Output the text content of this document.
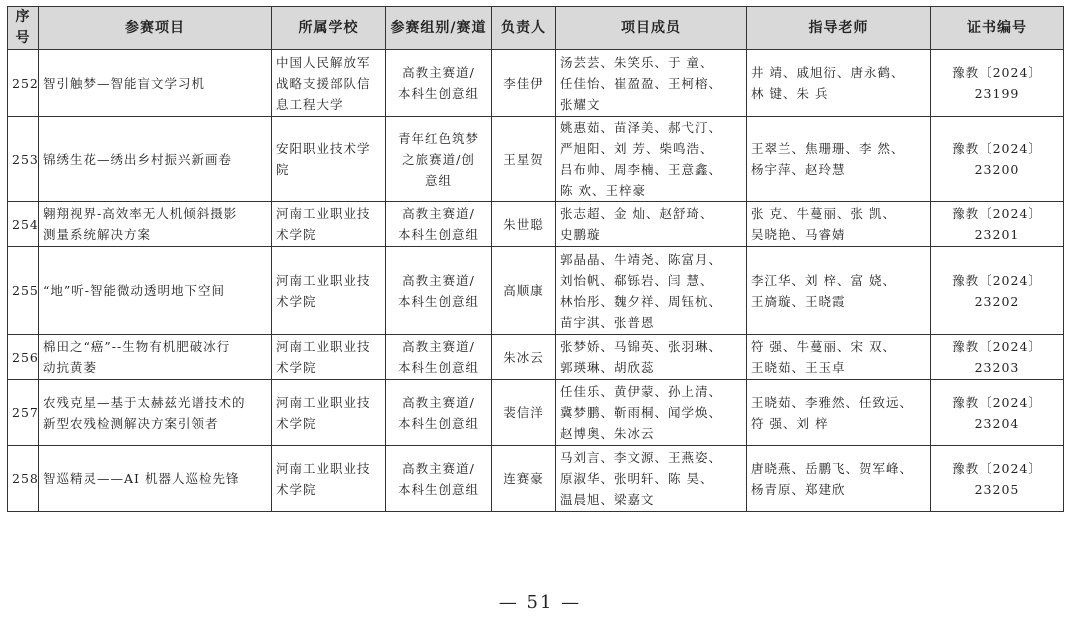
序号	参赛项目	所属学校	参赛组别/赛道	负责人	项目成员	指导老师	证书编号
252	智引触梦—智能盲文学习机	中国人民解放军
战略支援部队信
息工程大学	高教主赛道/
本科生创意组	李佳伊	汤芸芸、朱笑乐、于 童、
任佳怡、崔盈盈、王柯榕、
张耀文	井 靖、戚旭衍、唐永鹤、
林 键、朱 兵	豫教〔2024〕23199
253	锦绣生花—绣出乡村振兴新画卷	安阳职业技术学
院	青年红色筑梦
之旅赛道/创
意组	王星贺	姚惠茹、苗泽美、郝弋汀、
严旭阳、刘 芳、柴鸣浩、
吕布帅、周李楠、王意鑫、
陈 欢、王梓豪	王翠兰、焦珊珊、李 然、
杨宇萍、赵玲慧	豫教〔2024〕23200
254	翱翔视界-高效率无人机倾斜摄影
测量系统解决方案	河南工业职业技
术学院	高教主赛道/
本科生创意组	朱世聪	张志超、金 灿、赵舒琦、
史鹏璇	张 克、牛蔓丽、张 凯、
吴晓艳、马睿婧	豫教〔2024〕23201
255	“地”听-智能微动透明地下空间	河南工业职业技
术学院	高教主赛道/
本科生创意组	高顺康	郭晶晶、牛靖尧、陈富月、
刘怡帆、郗铄岩、闫 慧、
林怡彤、魏夕祥、周钰杭、
苗宇淇、张普恩	李江华、刘 梓、富 娆、
王旖璇、王晓霞	豫教〔2024〕23202
256	棉田之“癌”--生物有机肥破冰行
动抗黄萎	河南工业职业技
术学院	高教主赛道/
本科生创意组	朱冰云	张梦娇、马锦英、张羽琳、
郭瑛琳、胡欣蕊	符 强、牛蔓丽、宋 双、
王晓茹、王玉卓	豫教〔2024〕23203
257	农残克星—基于太赫兹光谱技术的
新型农残检测解决方案引领者	河南工业职业技
术学院	高教主赛道/
本科生创意组	裴信洋	任佳乐、黄伊蒙、孙上清、
冀梦鹏、靳雨桐、闻学焕、
赵博奥、朱冰云	王晓茹、李雅然、任致远、
符 强、刘 梓	豫教〔2024〕23204
258	智巡精灵——AI 机器人巡检先锋	河南工业职业技
术学院	高教主赛道/
本科生创意组	连赛豪	马刘言、李文源、王燕姿、
原淑华、张明轩、陈 昊、
温晨旭、梁嘉文	唐晓燕、岳鹏飞、贺军峰、
杨青原、郑建欣	豫教〔2024〕23205
— 51 —
